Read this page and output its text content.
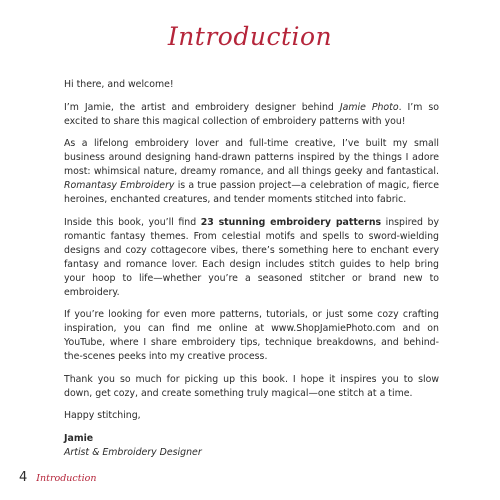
Introduction

Hi there, and welcome!

I’m Jamie, the artist and embroidery designer behind Jamie Photo. I’m so excited to share this magical collection of embroidery patterns with you!

As a lifelong embroidery lover and full-time creative, I’ve built my small business around designing hand-drawn patterns inspired by the things I adore most: whimsical nature, dreamy romance, and all things geeky and fantastical. Romantasy Embroidery is a true passion project—a celebration of magic, fierce heroines, enchanted creatures, and tender moments stitched into fabric.

Inside this book, you’ll find 23 stunning embroidery patterns inspired by romantic fantasy themes. From celestial motifs and spells to sword-wielding designs and cozy cottagecore vibes, there’s something here to enchant every fantasy and romance lover. Each design includes stitch guides to help bring your hoop to life—whether you’re a seasoned stitcher or brand new to embroidery.

If you’re looking for even more patterns, tutorials, or just some cozy crafting inspiration, you can find me online at www.ShopJamiePhoto.com and on YouTube, where I share embroidery tips, technique breakdowns, and behind-the-scenes peeks into my creative process.

Thank you so much for picking up this book. I hope it inspires you to slow down, get cozy, and create something truly magical—one stitch at a time.

Happy stitching,

Jamie

Artist & Embroidery Designer

4 Introduction
